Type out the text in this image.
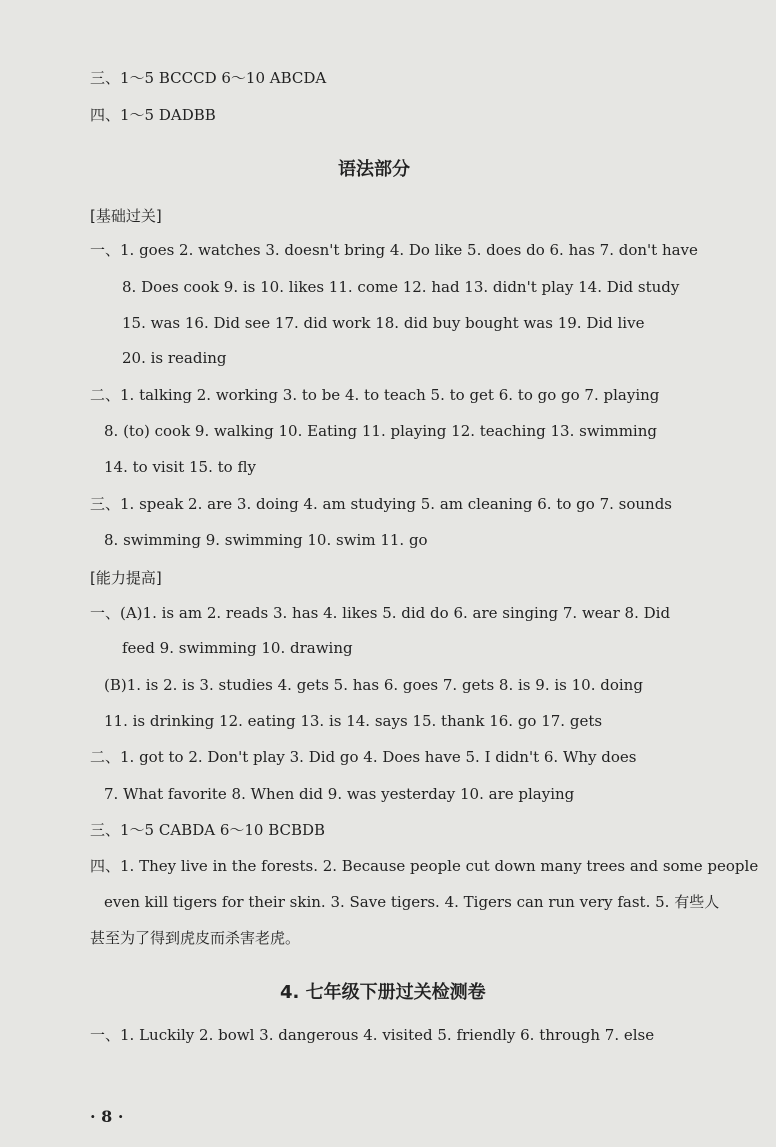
三、1～5 BCCCD 6～10 ABCDA
四、1～5 DADBB
语法部分
[基础过关]
一、1. goes 2. watches 3. doesn't bring 4. Do like 5. does do 6. has 7. don't have
8. Does cook 9. is 10. likes 11. come 12. had 13. didn't play 14. Did study
15. was 16. Did see 17. did work 18. did buy bought was 19. Did live
20. is reading
二、1. talking 2. working 3. to be 4. to teach 5. to get 6. to go go 7. playing
8. (to) cook 9. walking 10. Eating 11. playing 12. teaching 13. swimming
14. to visit 15. to fly
三、1. speak 2. are 3. doing 4. am studying 5. am cleaning 6. to go 7. sounds
8. swimming 9. swimming 10. swim 11. go
[能力提高]
一、(A)1. is am 2. reads 3. has 4. likes 5. did do 6. are singing 7. wear 8. Did
feed 9. swimming 10. drawing
(B)1. is 2. is 3. studies 4. gets 5. has 6. goes 7. gets 8. is 9. is 10. doing
11. is drinking 12. eating 13. is 14. says 15. thank 16. go 17. gets
二、1. got to 2. Don't play 3. Did go 4. Does have 5. I didn't 6. Why does
7. What favorite 8. When did 9. was yesterday 10. are playing
三、1～5 CABDA 6～10 BCBDB
四、1. They live in the forests. 2. Because people cut down many trees and some people
even kill tigers for their skin. 3. Save tigers. 4. Tigers can run very fast. 5. 有些人
甚至为了得到虎皮而杀害老虎。
4. 七年级下册过关检测卷
一、1. Luckily 2. bowl 3. dangerous 4. visited 5. friendly 6. through 7. else
· 8 ·
